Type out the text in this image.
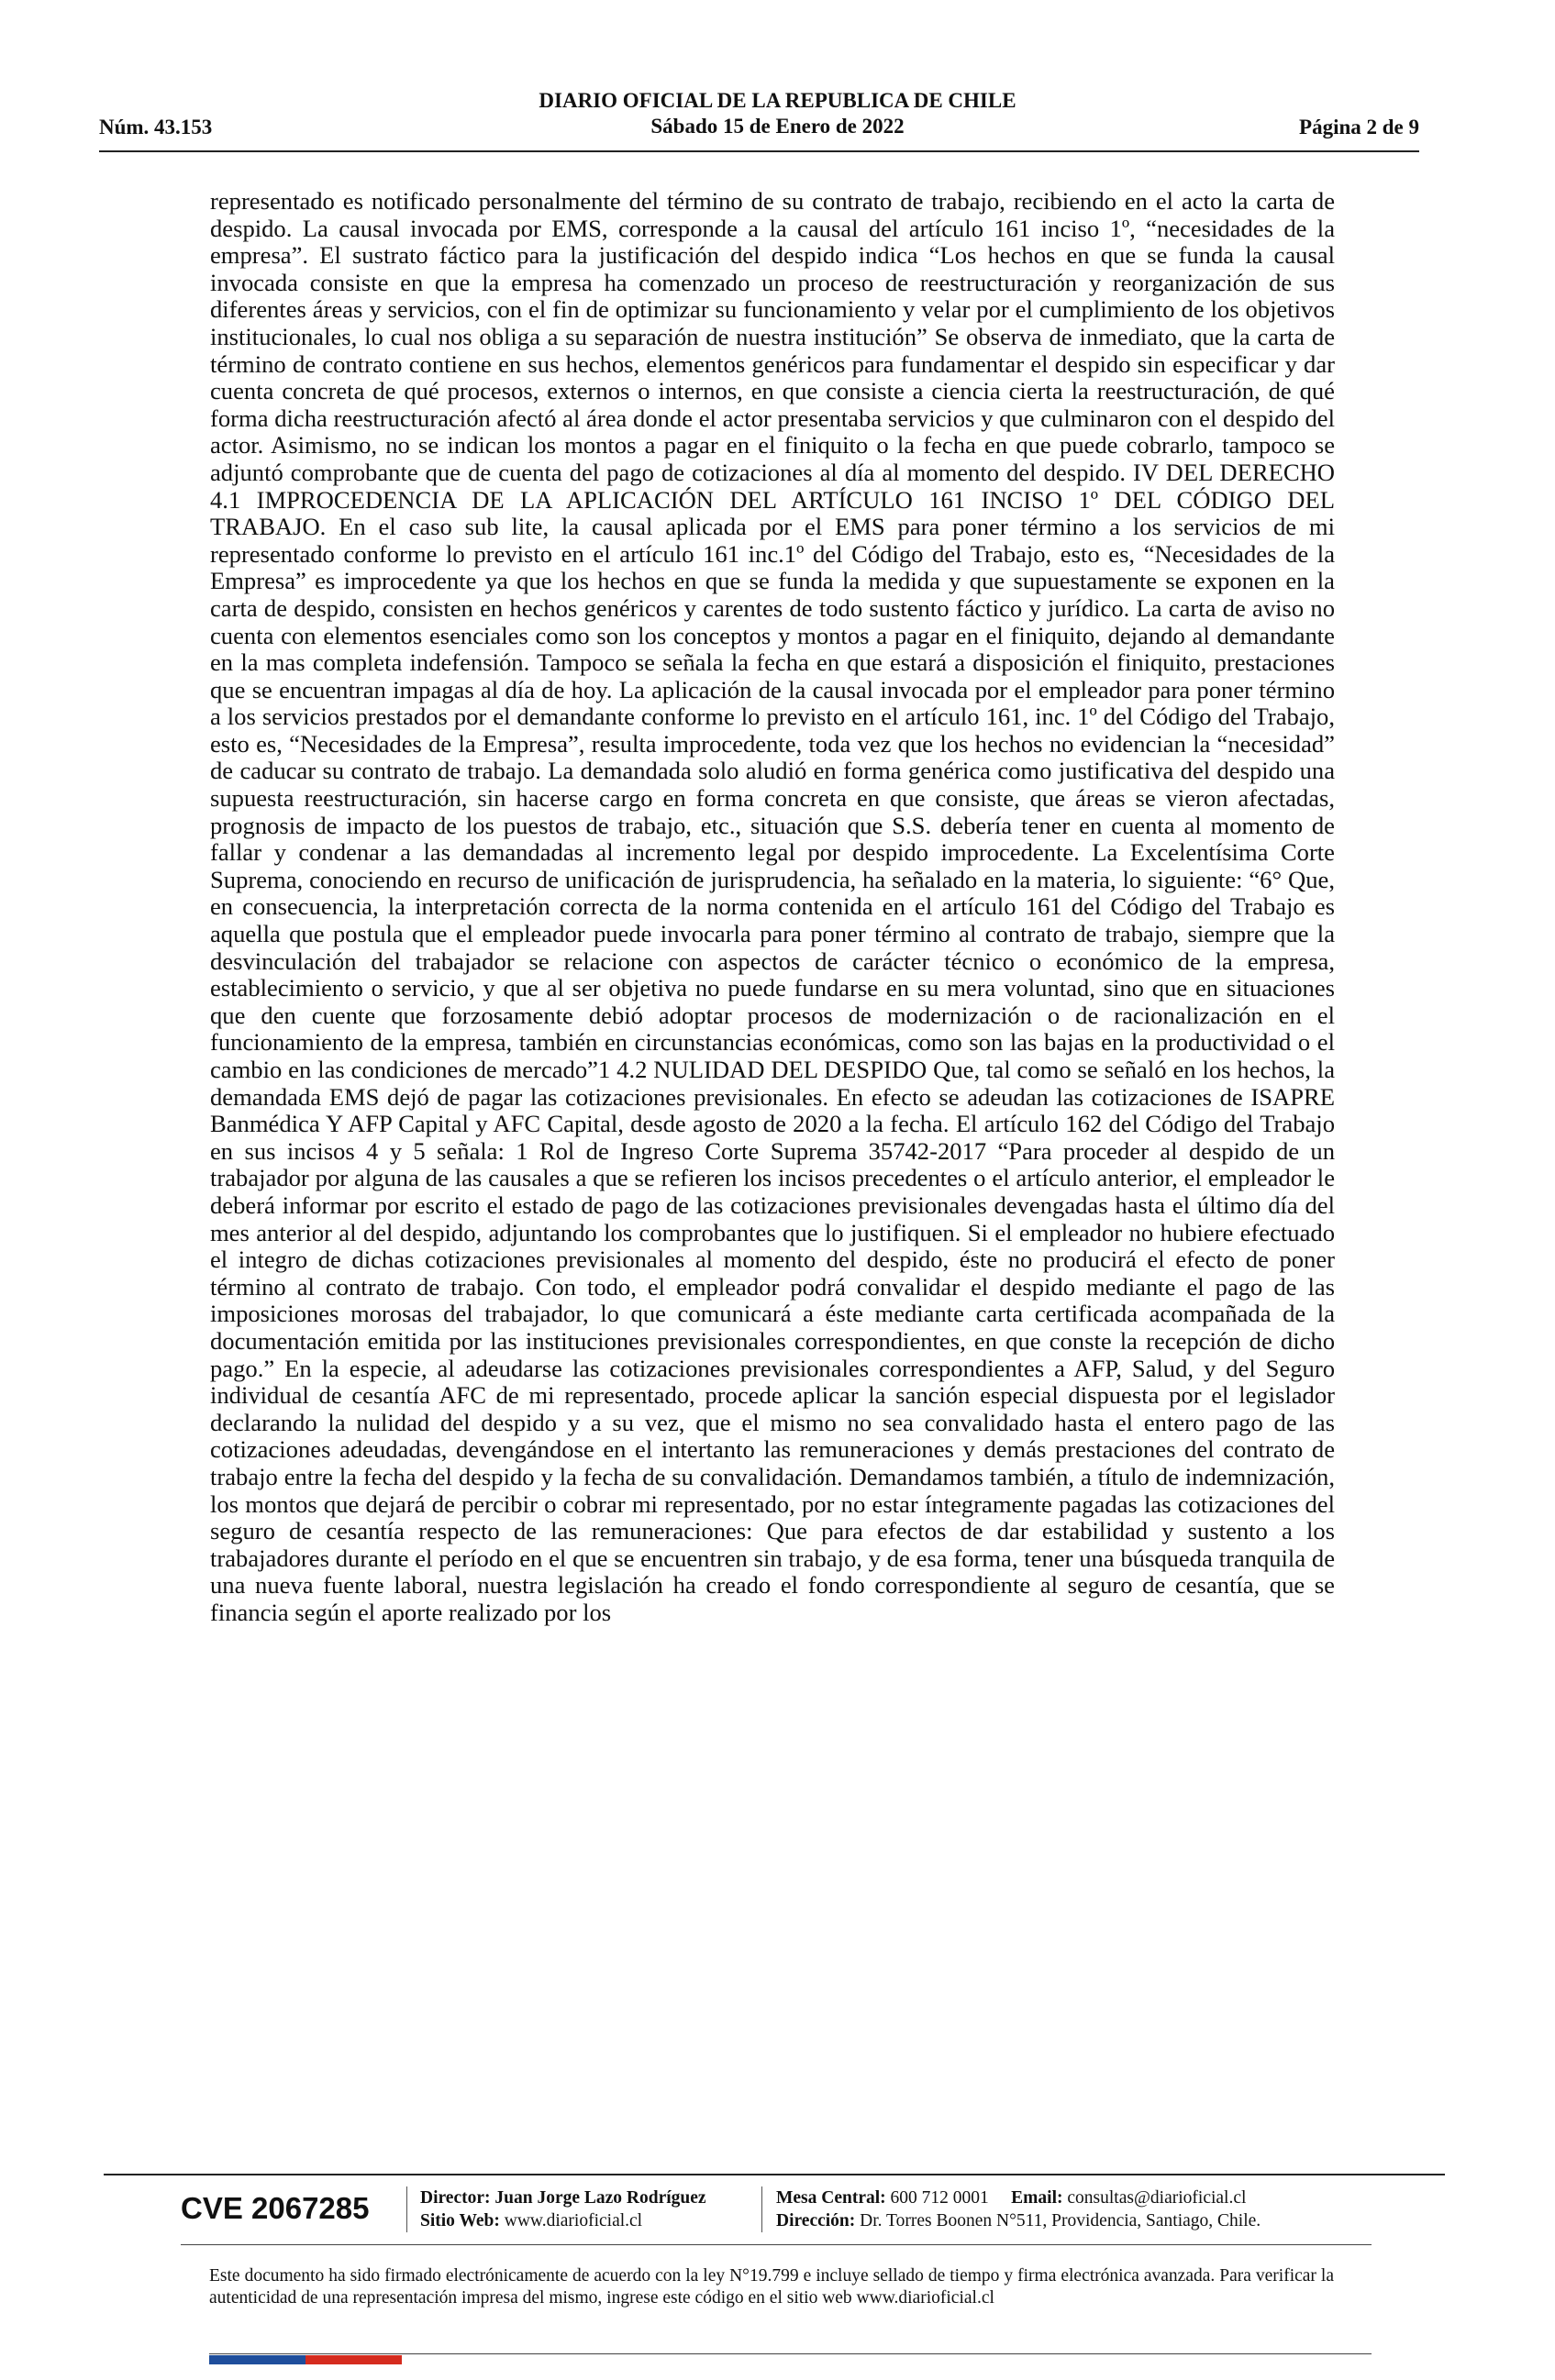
DIARIO OFICIAL DE LA REPUBLICA DE CHILE
Sábado 15 de Enero de 2022
Núm. 43.153	Página 2 de 9

representado es notificado personalmente del término de su contrato de trabajo, recibiendo en el acto la carta de despido. La causal invocada por EMS, corresponde a la causal del artículo 161 inciso 1º, “necesidades de la empresa”. El sustrato fáctico para la justificación del despido indica “Los hechos en que se funda la causal invocada consiste en que la empresa ha comenzado un proceso de reestructuración y reorganización de sus diferentes áreas y servicios, con el fin de optimizar su funcionamiento y velar por el cumplimiento de los objetivos institucionales, lo cual nos obliga a su separación de nuestra institución” Se observa de inmediato, que la carta de término de contrato contiene en sus hechos, elementos genéricos para fundamentar el despido sin especificar y dar cuenta concreta de qué procesos, externos o internos, en que consiste a ciencia cierta la reestructuración, de qué forma dicha reestructuración afectó al área donde el actor presentaba servicios y que culminaron con el despido del actor. Asimismo, no se indican los montos a pagar en el finiquito o la fecha en que puede cobrarlo, tampoco se adjuntó comprobante que de cuenta del pago de cotizaciones al día al momento del despido. IV DEL DERECHO 4.1 IMPROCEDENCIA DE LA APLICACIÓN DEL ARTÍCULO 161 INCISO 1º DEL CÓDIGO DEL TRABAJO. En el caso sub lite, la causal aplicada por el EMS para poner término a los servicios de mi representado conforme lo previsto en el artículo 161 inc.1º del Código del Trabajo, esto es, “Necesidades de la Empresa” es improcedente ya que los hechos en que se funda la medida y que supuestamente se exponen en la carta de despido, consisten en hechos genéricos y carentes de todo sustento fáctico y jurídico. La carta de aviso no cuenta con elementos esenciales como son los conceptos y montos a pagar en el finiquito, dejando al demandante en la mas completa indefensión. Tampoco se señala la fecha en que estará a disposición el finiquito, prestaciones que se encuentran impagas al día de hoy. La aplicación de la causal invocada por el empleador para poner término a los servicios prestados por el demandante conforme lo previsto en el artículo 161, inc. 1º del Código del Trabajo, esto es, “Necesidades de la Empresa”, resulta improcedente, toda vez que los hechos no evidencian la “necesidad” de caducar su contrato de trabajo. La demandada solo aludió en forma genérica como justificativa del despido una supuesta reestructuración, sin hacerse cargo en forma concreta en que consiste, que áreas se vieron afectadas, prognosis de impacto de los puestos de trabajo, etc., situación que S.S. debería tener en cuenta al momento de fallar y condenar a las demandadas al incremento legal por despido improcedente. La Excelentísima Corte Suprema, conociendo en recurso de unificación de jurisprudencia, ha señalado en la materia, lo siguiente: “6° Que, en consecuencia, la interpretación correcta de la norma contenida en el artículo 161 del Código del Trabajo es aquella que postula que el empleador puede invocarla para poner término al contrato de trabajo, siempre que la desvinculación del trabajador se relacione con aspectos de carácter técnico o económico de la empresa, establecimiento o servicio, y que al ser objetiva no puede fundarse en su mera voluntad, sino que en situaciones que den cuente que forzosamente debió adoptar procesos de modernización o de racionalización en el funcionamiento de la empresa, también en circunstancias económicas, como son las bajas en la productividad o el cambio en las condiciones de mercado”1 4.2 NULIDAD DEL DESPIDO Que, tal como se señaló en los hechos, la demandada EMS dejó de pagar las cotizaciones previsionales. En efecto se adeudan las cotizaciones de ISAPRE Banmédica Y AFP Capital y AFC Capital, desde agosto de 2020 a la fecha. El artículo 162 del Código del Trabajo en sus incisos 4 y 5 señala: 1 Rol de Ingreso Corte Suprema 35742-2017 “Para proceder al despido de un trabajador por alguna de las causales a que se refieren los incisos precedentes o el artículo anterior, el empleador le deberá informar por escrito el estado de pago de las cotizaciones previsionales devengadas hasta el último día del mes anterior al del despido, adjuntando los comprobantes que lo justifiquen. Si el empleador no hubiere efectuado el integro de dichas cotizaciones previsionales al momento del despido, éste no producirá el efecto de poner término al contrato de trabajo. Con todo, el empleador podrá convalidar el despido mediante el pago de las imposiciones morosas del trabajador, lo que comunicará a éste mediante carta certificada acompañada de la documentación emitida por las instituciones previsionales correspondientes, en que conste la recepción de dicho pago.” En la especie, al adeudarse las cotizaciones previsionales correspondientes a AFP, Salud, y del Seguro individual de cesantía AFC de mi representado, procede aplicar la sanción especial dispuesta por el legislador declarando la nulidad del despido y a su vez, que el mismo no sea convalidado hasta el entero pago de las cotizaciones adeudadas, devengándose en el intertanto las remuneraciones y demás prestaciones del contrato de trabajo entre la fecha del despido y la fecha de su convalidación. Demandamos también, a título de indemnización, los montos que dejará de percibir o cobrar mi representado, por no estar íntegramente pagadas las cotizaciones del seguro de cesantía respecto de las remuneraciones: Que para efectos de dar estabilidad y sustento a los trabajadores durante el período en el que se encuentren sin trabajo, y de esa forma, tener una búsqueda tranquila de una nueva fuente laboral, nuestra legislación ha creado el fondo correspondiente al seguro de cesantía, que se financia según el aporte realizado por los

CVE 2067285	Director: Juan Jorge Lazo Rodríguez
Sitio Web: www.diarioficial.cl
Mesa Central: 600 712 0001 Email: consultas@diarioficial.cl
Dirección: Dr. Torres Boonen N°511, Providencia, Santiago, Chile.
Este documento ha sido firmado electrónicamente de acuerdo con la ley N°19.799 e incluye sellado de tiempo y firma electrónica avanzada. Para verificar la autenticidad de una representación impresa del mismo, ingrese este código en el sitio web www.diarioficial.cl
